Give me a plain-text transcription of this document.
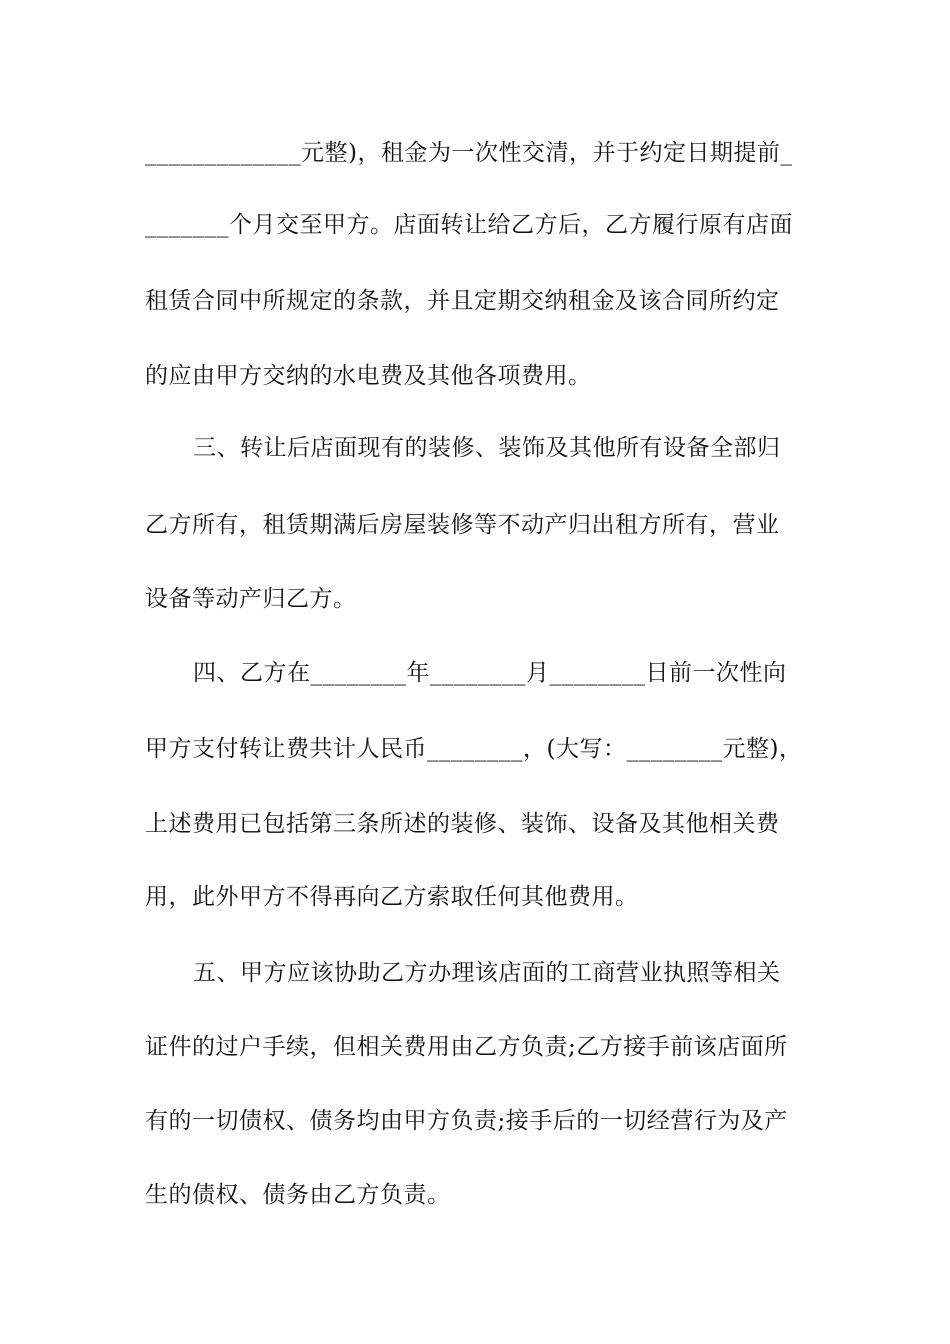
_____________元整)，租金为一次性交清，并于约定日期提前_
_______个月交至甲方。店面转让给乙方后，乙方履行原有店面
租赁合同中所规定的条款，并且定期交纳租金及该合同所约定
的应由甲方交纳的水电费及其他各项费用。
三、转让后店面现有的装修、装饰及其他所有设备全部归
乙方所有，租赁期满后房屋装修等不动产归出租方所有，营业
设备等动产归乙方。
四、乙方在________年________月________日前一次性向
甲方支付转让费共计人民币________，(大写：________元整)，
上述费用已包括第三条所述的装修、装饰、设备及其他相关费
用，此外甲方不得再向乙方索取任何其他费用。
五、甲方应该协助乙方办理该店面的工商营业执照等相关
证件的过户手续，但相关费用由乙方负责;乙方接手前该店面所
有的一切债权、债务均由甲方负责;接手后的一切经营行为及产
生的债权、债务由乙方负责。
